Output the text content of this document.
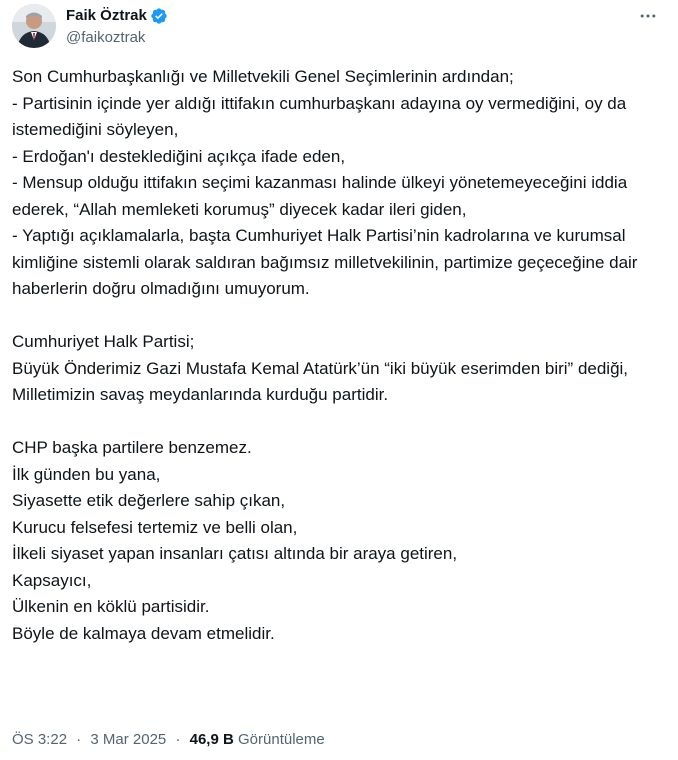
Faik Öztrak
@faikoztrak

Son Cumhurbaşkanlığı ve Milletvekili Genel Seçimlerinin ardından;
- Partisinin içinde yer aldığı ittifakın cumhurbaşkanı adayına oy vermediğini, oy da istemediğini söyleyen,
- Erdoğan'ı desteklediğini açıkça ifade eden,
- Mensup olduğu ittifakın seçimi kazanması halinde ülkeyi yönetemeyeceğini iddia ederek, “Allah memleketi korumuş” diyecek kadar ileri giden,
- Yaptığı açıklamalarla, başta Cumhuriyet Halk Partisi’nin kadrolarına ve kurumsal kimliğine sistemli olarak saldıran bağımsız milletvekilinin, partimize geçeceğine dair haberlerin doğru olmadığını umuyorum.

Cumhuriyet Halk Partisi;
Büyük Önderimiz Gazi Mustafa Kemal Atatürk’ün “iki büyük eserimden biri” dediği,
Milletimizin savaş meydanlarında kurduğu partidir.

CHP başka partilere benzemez.
İlk günden bu yana,
Siyasette etik değerlere sahip çıkan,
Kurucu felsefesi tertemiz ve belli olan,
İlkeli siyaset yapan insanları çatısı altında bir araya getiren,
Kapsayıcı,
Ülkenin en köklü partisidir.
Böyle de kalmaya devam etmelidir.

ÖS 3:22 · 3 Mar 2025 · 46,9 B Görüntüleme
